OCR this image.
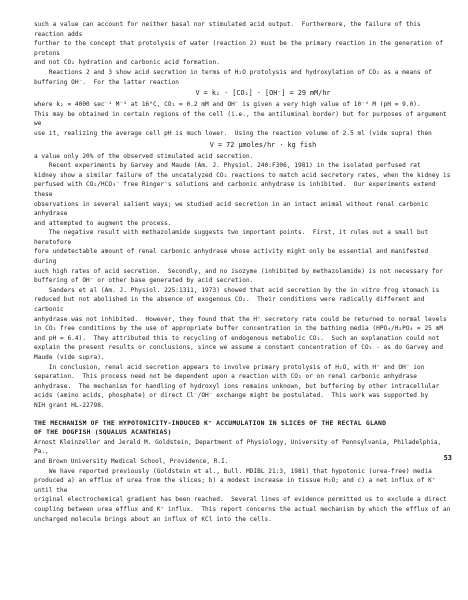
such a value can account for neither basal nor stimulated acid output.  Furthermore, the failure of this reaction adds

further to the concept that protolysis of water (reaction 2) must be the primary reaction in the generation of protons

and not CO₂ hydration and carbonic acid formation.

Reactions 2 and 3 show acid secretion in terms of H₂O protolysis and hydroxylation of CO₂ as a means of

buffering OH⁻.  For the latter reaction

V = k₂ · [CO₂] · [OH⁻] = 29 mM/hr

where k₂ = 4000 sec⁻¹ M⁻¹ at 16°C, CO₂ = 0.2 mM and OH⁻ is given a very high value of 10⁻⁵ M (pH = 9.0).

This may be obtained in certain regions of the cell (i.e., the antiluminal border) but for purposes of argument we

use it, realizing the average cell pH is much lower.  Using the reaction volume of 2.5 ml (vide supra) then

V = 72 μmoles/hr · kg fish

a value only 20% of the observed stimulated acid secretion.

Recent experiments by Garvey and Maude (Am. J. Physiol. 240:F306, 1981) in the isolated perfused rat

kidney show a similar failure of the uncatalyzed CO₂ reactions to match acid secretory rates, when the kidney is

perfused with CO₂/HCO₃⁻ free Ringer's solutions and carbonic anhydrase is inhibited.  Our experiments extend these

observations in several salient ways; we studied acid secretion in an intact animal without renal carbonic anhydrase

and attempted to augment the process.

The negative result with methazolamide suggests two important points.  First, it rules out a small but heretofore

fore undetectable amount of renal carbonic anhydrase whose activity might only be essential and manifested during

such high rates of acid secretion.  Secondly, and no isozyme (inhibited by methazolamide) is not necessary for

buffering of OH⁻ or other base generated by acid secretion.

Sanders et al (Am. J. Physiol. 225:1311, 1973) showed that acid secretion by the in vitro frog stomach is

reduced but not abolished in the absence of exogenous CO₂.  Their conditions were radically different and carbonic

anhydrase was not inhibited.  However, they found that the H⁺ secretory rate could be returned to normal levels

in CO₂ free conditions by the use of appropriate buffer concentration in the bathing media (HPO₄/H₂PO₄ = 25 mM

and pH = 6.4).  They attributed this to recycling of endogenous metabolic CO₂.  Such an explanation could not

explain the present results or conclusions, since we assume a constant concentration of CO₂ - as do Garvey and

Maude (vide supra).

In conclusion, renal acid secretion appears to involve primary protolysis of H₂O, with H⁺ and OH⁻ ion

separation.  This process need not be dependent upon a reaction with CO₂ or on renal carbonic anhydrase

anhydrase.  The mechanism for handling of hydroxyl ions remains unknown, but buffering by other intracellular

acids (amino acids, phosphate) or direct Cl⁻/OH⁻ exchange might be postulated.  This work was supported by

NIH grant HL-22798.

THE MECHANISM OF THE HYPOTONICITY-INDUCED K⁺ ACCUMULATION IN SLICES OF THE RECTAL GLAND

OF THE DOGFISH (SQUALUS ACANTHIAS)

Arnost Kleinzeller and Jerald M. Goldstein, Department of Physiology, University of Pennsylvania, Philadelphia, Pa.,

and Brown University Medical School, Providence, R.I.

We have reported previously (Goldstein et al., Bull. MDIBL 21:3, 1981) that hypotonic (urea-free) media

produced a) an efflux of urea from the slices; b) a modest increase in tissue H₂O; and c) a net influx of K⁺ until the

original electrochemical gradient has been reached.  Several lines of evidence permitted us to exclude a direct

coupling between urea efflux and K⁺ influx.  This report concerns the actual mechanism by which the efflux of an

uncharged molecule brings about an influx of KCl into the cells.

53
